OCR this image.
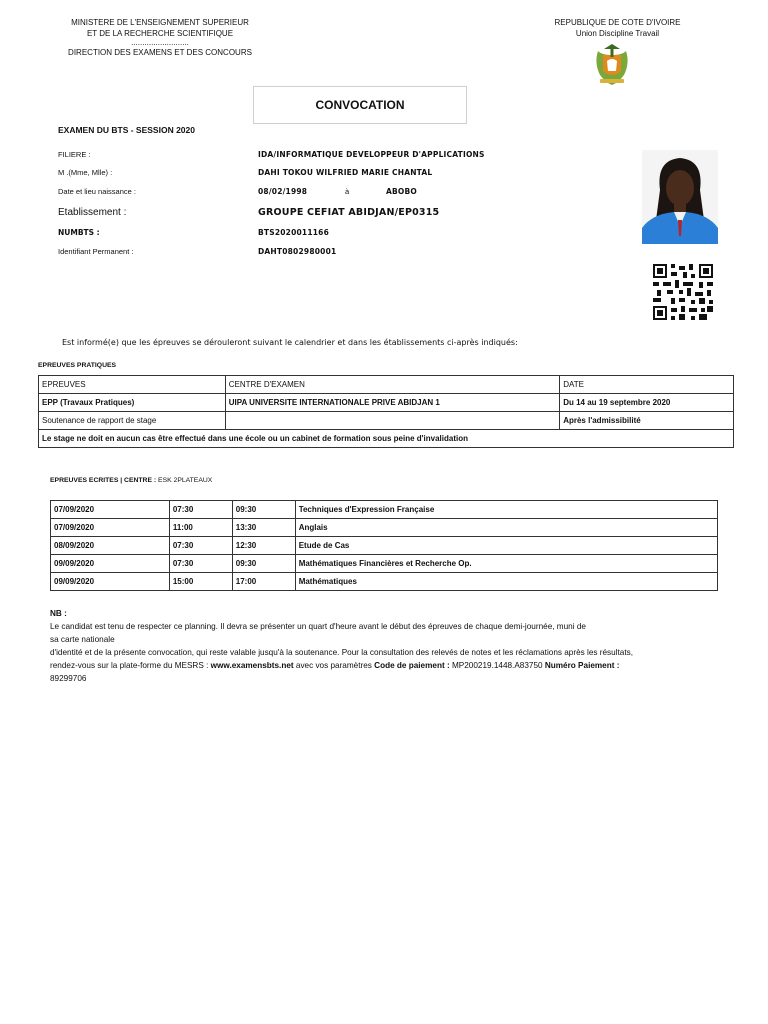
MINISTERE DE L'ENSEIGNEMENT SUPERIEUR
ET DE LA RECHERCHE SCIENTIFIQUE
..........................
DIRECTION DES EXAMENS ET DES CONCOURS
REPUBLIQUE DE COTE D'IVOIRE
Union Discipline Travail
CONVOCATION
EXAMEN DU BTS - SESSION 2020
FILIERE :	IDA/INFORMATIQUE DEVELOPPEUR D'APPLICATIONS
M .(Mme, Mlle) :	DAHI TOKOU WILFRIED MARIE CHANTAL
Date et lieu naissance :	08/02/1998	à	ABOBO
Etablissement :	GROUPE CEFIAT ABIDJAN/EP0315
NUMBTS :	BTS2020011166
Identifiant Permanent :	DAHT0802980001
Est informé(e) que les épreuves se dérouleront suivant le calendrier et dans les établissements ci-après indiqués:
EPREUVES PRATIQUES
EPREUVES	CENTRE D'EXAMEN	DATE
EPP (Travaux Pratiques)	UIPA UNIVERSITE INTERNATIONALE PRIVE ABIDJAN 1	Du 14 au 19 septembre 2020
Soutenance de rapport de stage		Après l'admissibilité
Le stage ne doit en aucun cas être effectué dans une école ou un cabinet de formation sous peine d'invalidation		
EPREUVES ECRITES | CENTRE : ESK 2PLATEAUX
07/09/2020	07:30	09:30	Techniques d'Expression Française
07/09/2020	11:00	13:30	Anglais
08/09/2020	07:30	12:30	Etude de Cas
09/09/2020	07:30	09:30	Mathématiques Financières et Recherche Op.
09/09/2020	15:00	17:00	Mathématiques
NB :
Le candidat est tenu de respecter ce planning. Il devra se présenter un quart d'heure avant le début des épreuves de chaque demi-journée, muni de
sa carte nationale
d'identité et de la présente convocation, qui reste valable jusqu'à la soutenance. Pour la consultation des relevés de notes et les réclamations après les résultats,
rendez-vous sur la plate-forme du MESRS : www.examensbts.net avec vos paramètres Code de paiement : MP200219.1448.A83750 Numéro Paiement :
89299706
